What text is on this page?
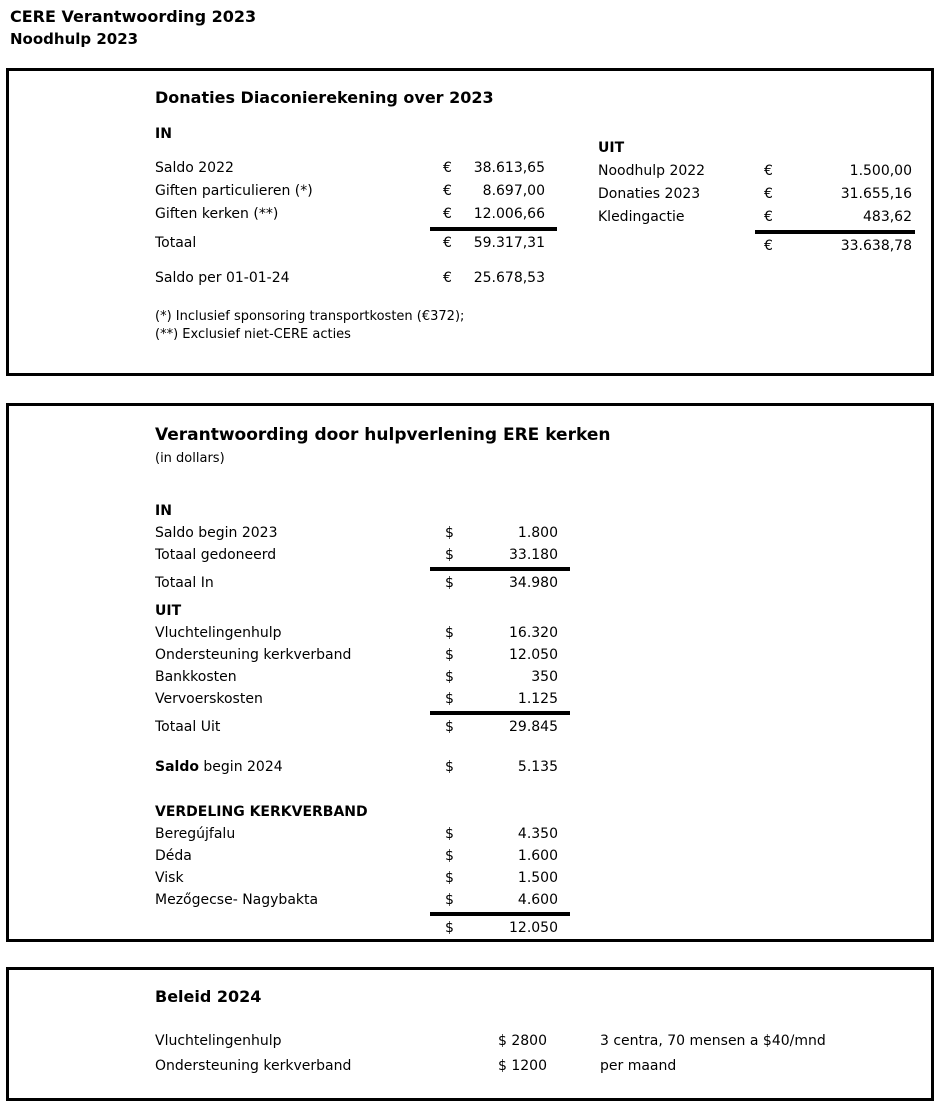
CERE Verantwoording 2023
Noodhulp 2023
Donaties Diaconierekening over 2023
IN
Saldo 2022	€	38.613,65
Giften particulieren (*)	€	8.697,00
Giften kerken (**)	€	12.006,66
Totaal	€	59.317,31
Saldo per 01-01-24	€	25.678,53
UIT
Noodhulp 2022	€	1.500,00
Donaties 2023	€	31.655,16
Kledingactie	€	483,62
€	33.638,78
(*) Inclusief sponsoring transportkosten (€372);
(**) Exclusief niet-CERE acties
Verantwoording door hulpverlening ERE kerken
(in dollars)
IN
Saldo begin 2023	$	1.800
Totaal gedoneerd	$	33.180
Totaal In	$	34.980
UIT
Vluchtelingenhulp	$	16.320
Ondersteuning kerkverband	$	12.050
Bankkosten	$	350
Vervoerskosten	$	1.125
Totaal Uit	$	29.845
Saldo begin 2024	$	5.135
VERDELING KERKVERBAND
Beregújfalu	$	4.350
Déda	$	1.600
Visk	$	1.500
Mezőgecse- Nagybakta	$	4.600
$	12.050
Beleid 2024
Vluchtelingenhulp	$ 2800	3 centra, 70 mensen a $40/mnd
Ondersteuning kerkverband	$ 1200	per maand
